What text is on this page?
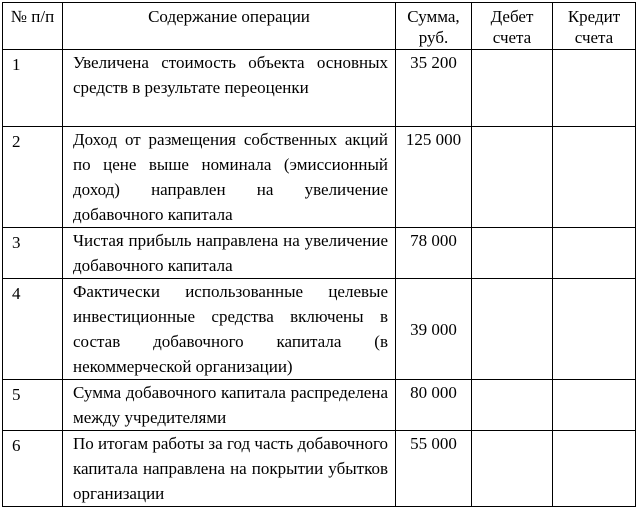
№ п/п	Содержание операции	Сумма, руб.	Дебет счета	Кредит счета
1	Увеличена стоимость объекта основных средств в результате переоценки	35 200		
2	Доход от размещения собственных акций по цене выше номинала (эмиссионный доход) направлен на увеличение добавочного капитала	125 000		
3	Чистая прибыль направлена на увеличение добавочного капитала	78 000		
4	Фактически использованные целевые инвестиционные средства включены в состав добавочного капитала (в некоммерческой организации)	39 000		
5	Сумма добавочного капитала распределена между учредителями	80 000		
6	По итогам работы за год часть добавочного капитала направлена на покрытии убытков организации	55 000		
